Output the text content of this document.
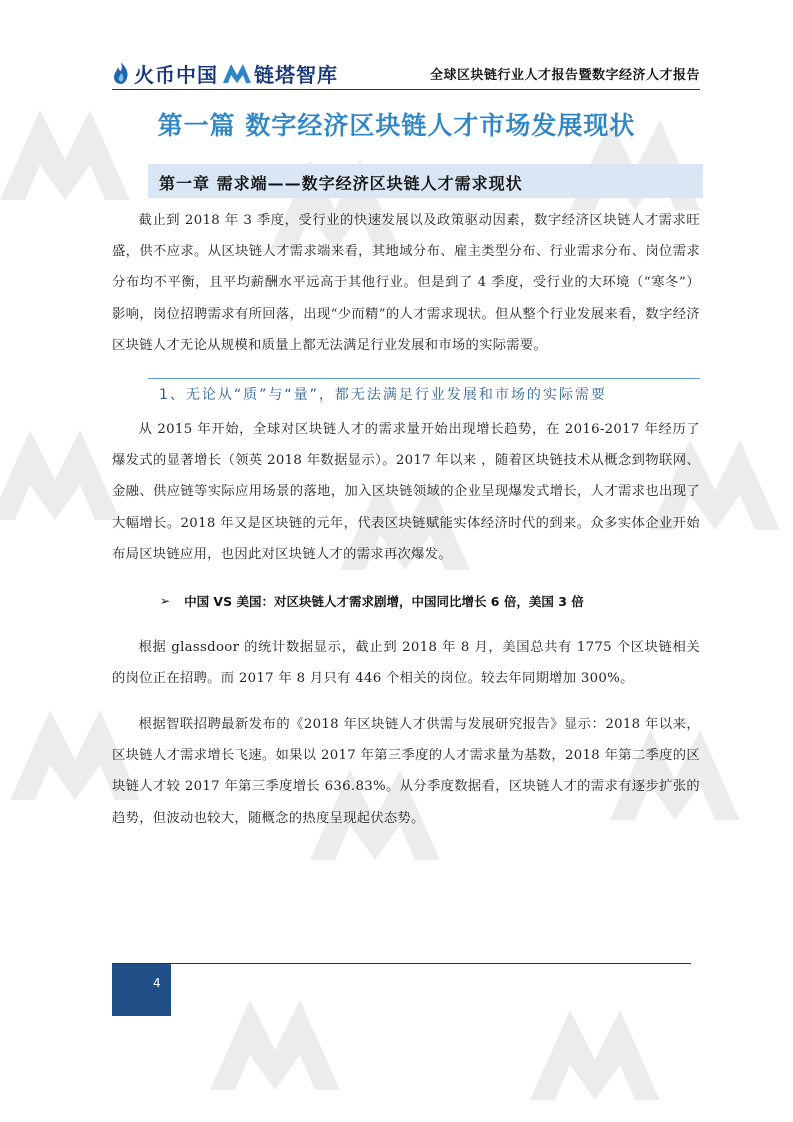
火币中国 链塔智库	全球区块链行业人才报告暨数字经济人才报告
第一篇 数字经济区块链人才市场发展现状
第一章 需求端——数字经济区块链人才需求现状

截止到 2018 年 3 季度，受行业的快速发展以及政策驱动因素，数字经济区块链人才需求旺盛，供不应求。从区块链人才需求端来看，其地域分布、雇主类型分布、行业需求分布、岗位需求分布均不平衡，且平均薪酬水平远高于其他行业。但是到了 4 季度，受行业的大环境（“寒冬”）影响，岗位招聘需求有所回落，出现“少而精”的人才需求现状。但从整个行业发展来看，数字经济区块链人才无论从规模和质量上都无法满足行业发展和市场的实际需要。

1、无论从“质”与“量”，都无法满足行业发展和市场的实际需要

从 2015 年开始，全球对区块链人才的需求量开始出现增长趋势，在 2016-2017 年经历了爆发式的显著增长（领英 2018 年数据显示）。2017 年以来 ，随着区块链技术从概念到物联网、金融、供应链等实际应用场景的落地，加入区块链领域的企业呈现爆发式增长，人才需求也出现了大幅增长。2018 年又是区块链的元年，代表区块链赋能实体经济时代的到来。众多实体企业开始布局区块链应用，也因此对区块链人才的需求再次爆发。

➢ 中国 VS 美国：对区块链人才需求剧增，中国同比增长 6 倍，美国 3 倍

根据 glassdoor 的统计数据显示，截止到 2018 年 8 月，美国总共有 1775 个区块链相关的岗位正在招聘。而 2017 年 8 月只有 446 个相关的岗位。较去年同期增加 300%。

根据智联招聘最新发布的《2018 年区块链人才供需与发展研究报告》显示：2018 年以来，区块链人才需求增长飞速。如果以 2017 年第三季度的人才需求量为基数，2018 年第二季度的区块链人才较 2017 年第三季度增长 636.83%。从分季度数据看，区块链人才的需求有逐步扩张的趋势，但波动也较大，随概念的热度呈现起伏态势。

4
